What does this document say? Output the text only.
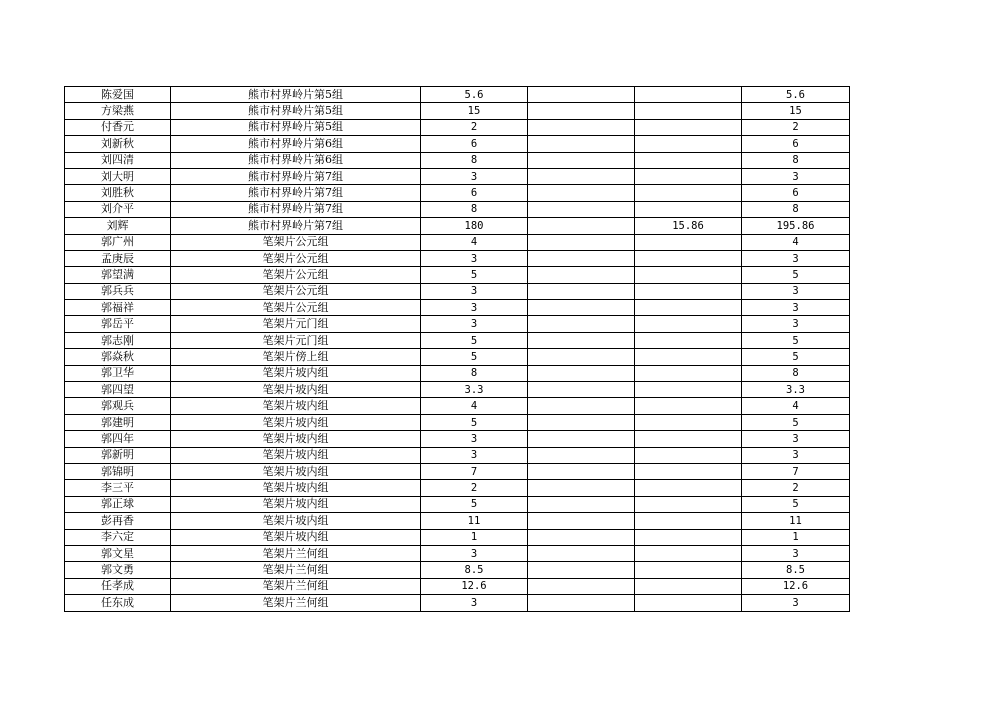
陈爱国	熊市村界岭片第5组	5.6			5.6
方梁燕	熊市村界岭片第5组	15			15
付香元	熊市村界岭片第5组	2			2
刘新秋	熊市村界岭片第6组	6			6
刘四清	熊市村界岭片第6组	8			8
刘大明	熊市村界岭片第7组	3			3
刘胜秋	熊市村界岭片第7组	6			6
刘介平	熊市村界岭片第7组	8			8
刘辉	熊市村界岭片第7组	180		15.86	195.86
郭广州	笔架片公元组	4			4
孟庚辰	笔架片公元组	3			3
郭望满	笔架片公元组	5			5
郭兵兵	笔架片公元组	3			3
郭福祥	笔架片公元组	3			3
郭岳平	笔架片元门组	3			3
郭志刚	笔架片元门组	5			5
郭焱秋	笔架片傍上组	5			5
郭卫华	笔架片坡内组	8			8
郭四望	笔架片坡内组	3.3			3.3
郭观兵	笔架片坡内组	4			4
郭建明	笔架片坡内组	5			5
郭四年	笔架片坡内组	3			3
郭新明	笔架片坡内组	3			3
郭锦明	笔架片坡内组	7			7
李三平	笔架片坡内组	2			2
郭正球	笔架片坡内组	5			5
彭再香	笔架片坡内组	11			11
李六定	笔架片坡内组	1			1
郭文星	笔架片兰何组	3			3
郭文勇	笔架片兰何组	8.5			8.5
任孝成	笔架片兰何组	12.6			12.6
任东成	笔架片兰何组	3			3
